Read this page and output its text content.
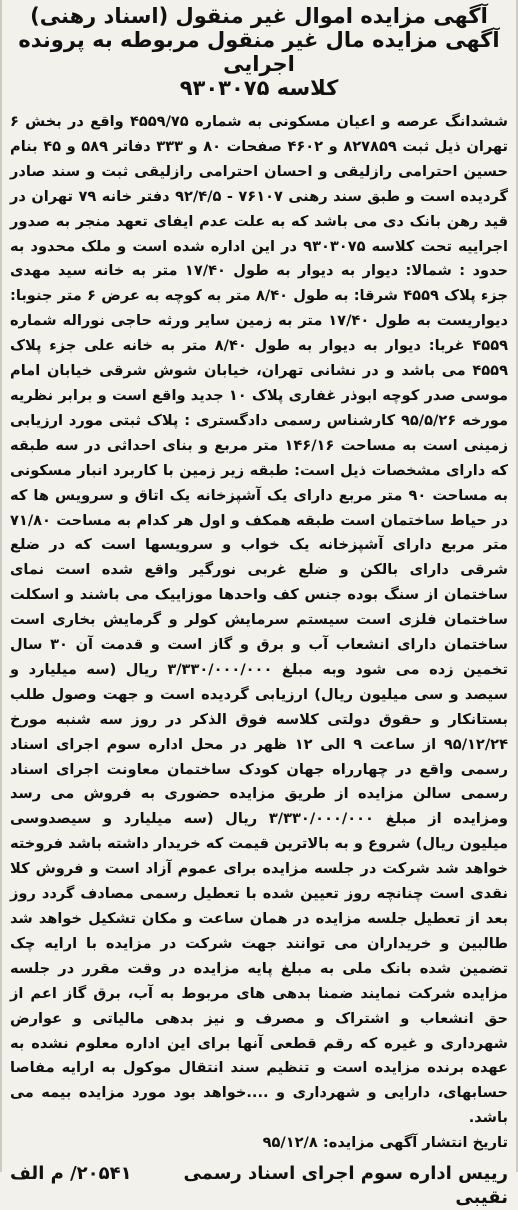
آگهی مزایده اموال غیر منقول (اسناد رهنی)
آگهی مزایده مال غیر منقول مربوطه به پرونده اجرایی
کلاسه ۹۳۰۳۰۷۵

ششدانگ عرصه و اعیان مسکونی به شماره ۴۵۵۹/۷۵ واقع در بخش ۶ تهران ذیل ثبت ۸۲۷۸۵۹ و ۴۶۰۲ صفحات ۸۰ و ۳۳۳ دفاتر ۵۸۹ و ۴۵ بنام حسین احترامی رازلیقی و احسان احترامی رازلیقی ثبت و سند صادر گردیده است و طبق سند رهنی ۷۶۱۰۷ - ۹۲/۴/۵ دفتر خانه ۷۹ تهران در قید رهن بانک دی می باشد که به علت عدم ایفای تعهد منجر به صدور اجراییه تحت کلاسه ۹۳۰۳۰۷۵ در این اداره شده است و ملک محدود به حدود : شمالا: دیوار به دیوار به طول ۱۷/۴۰ متر به خانه سید مهدی جزء پلاک ۴۵۵۹ شرقا: به طول ۸/۴۰ متر به کوچه به عرض ۶ متر جنوبا: دیواریست به طول ۱۷/۴۰ متر به زمین سایر ورثه حاجی نوراله شماره ۴۵۵۹ غربا: دیوار به دیوار به طول ۸/۴۰ متر به خانه علی جزء پلاک ۴۵۵۹ می باشد و در نشانی تهران، خیابان شوش شرقی خیابان امام موسی صدر کوچه ابوذر غفاری پلاک ۱۰ جدید واقع است و برابر نظریه مورخه ۹۵/۵/۲۶ کارشناس رسمی دادگستری : پلاک ثبتی مورد ارزیابی زمینی است به مساحت ۱۴۶/۱۶ متر مربع و بنای احداثی در سه طبقه که دارای مشخصات ذیل است: طبقه زیر زمین با کاربرد انبار مسکونی به مساحت ۹۰ متر مربع دارای یک آشپزخانه یک اتاق و سرویس ها که در حیاط ساختمان است طبقه همکف و اول هر کدام به مساحت ۷۱/۸۰ متر مربع دارای آشپزخانه یک خواب و سرویسها است که در ضلع شرقی دارای بالکن و ضلع غربی نورگیر واقع شده است نمای ساختمان از سنگ بوده جنس کف واحدها موزاییک می باشند و اسکلت ساختمان فلزی است سیستم سرمایش کولر و گرمایش بخاری است ساختمان دارای انشعاب آب و برق و گاز است و قدمت آن ۳۰ سال تخمین زده می شود وبه مبلغ ۳/۳۳۰/۰۰۰/۰۰۰ ریال (سه میلیارد و سیصد و سی میلیون ریال) ارزیابی گردیده است و جهت وصول طلب بستانکار و حقوق دولتی کلاسه فوق الذکر در روز سه شنبه مورخ ۹۵/۱۲/۲۴ از ساعت ۹ الی ۱۲ ظهر در محل اداره سوم اجرای اسناد رسمی واقع در چهارراه جهان کودک ساختمان معاونت اجرای اسناد رسمی سالن مزایده از طریق مزایده حضوری به فروش می رسد ومزایده از مبلغ ۳/۳۳۰/۰۰۰/۰۰۰ ریال (سه میلیارد و سیصدوسی میلیون ریال) شروع و به بالاترین قیمت که خریدار داشته باشد فروخته خواهد شد شرکت در جلسه مزایده برای عموم آزاد است و فروش کلا نقدی است چنانچه روز تعیین شده با تعطیل رسمی مصادف گردد روز بعد از تعطیل جلسه مزایده در همان ساعت و مکان تشکیل خواهد شد طالبین و خریداران می توانند جهت شرکت در مزایده با ارایه چک تضمین شده بانک ملی به مبلغ پایه مزایده در وقت مقرر در جلسه مزایده شرکت نمایند ضمنا بدهی های مربوط به آب، برق گاز اعم از حق انشعاب و اشتراک و مصرف و نیز بدهی مالیاتی و عوارض شهرداری و غیره که رقم قطعی آنها برای این اداره معلوم نشده به عهده برنده مزایده است و تنظیم سند انتقال موکول به ارایه مفاصا حسابهای، دارایی و شهرداری و ....خواهد بود مورد مزایده بیمه می باشد.

تاریخ انتشار آگهی مزایده: ۹۵/۱۲/۸

رییس اداره سوم اجرای اسناد رسمی
۲۰۵۴۱/ م الف

نقیبی
